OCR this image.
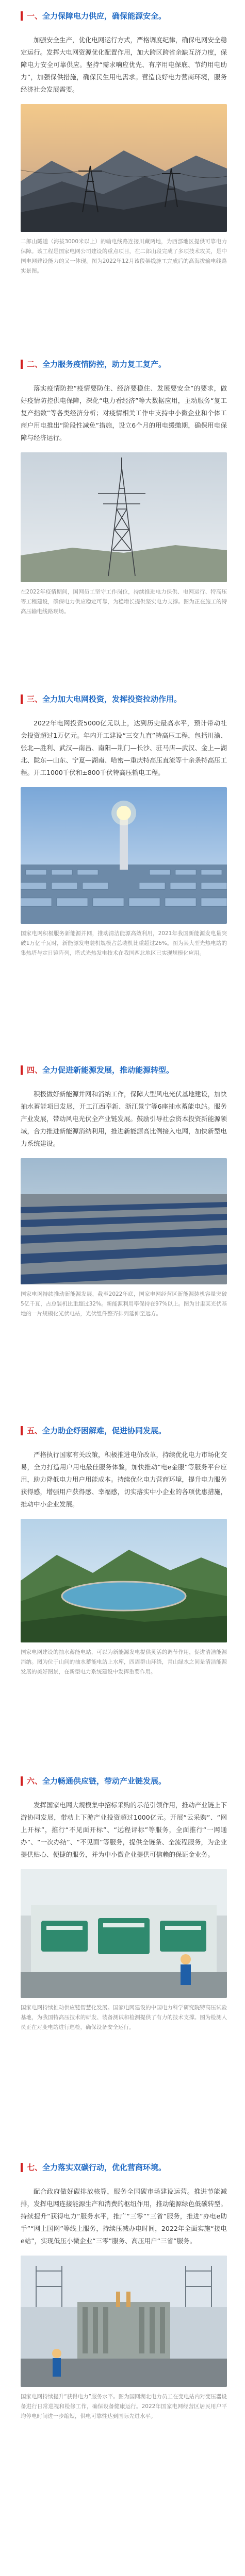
一、全力保障电力供应，确保能源安全。

加强安全生产，优化电网运行方式，严格调度纪律，确保电网安全稳定运行。发挥大电网资源优化配置作用，加大跨区跨省余缺互济力度，保障电力安全可靠供应。坚持“需求响应优先、有序用电保底、节约用电助力”，加强保供措施，确保民生用电需求。营造良好电力营商环境，服务经济社会发展需要。

二郎山隧道（海拔3000米以上）的输电线路连接川藏两地，为西部地区提供可靠电力保障。该工程是国家电网公司建设的重点项目，在二郎山段完成了多项技术攻关，是中国电网建设能力的又一体现。图为2022年12月该段架线施工完成后的高海拔输电线路实景图。

二、全力服务疫情防控，助力复工复产。

落实疫情防控“疫情要防住、经济要稳住、发展要安全”的要求，做好疫情防控供电保障，深化“电力看经济”等大数据应用，主动服务“复工复产指数”等各类经济分析；对疫情相关工作中支持中小微企业和个体工商户用电推出“阶段性减免”措施，设立6个月的用电缓缴期，确保用电保障与经济运行。

在2022年疫情期间，国网员工坚守工作岗位，持续推进电力保供、电网运行、特高压等工程建设，确保电力供应稳定可靠，为稳增长提供坚实电力支撑。图为正在施工的特高压输电线路现场。

三、全力加大电网投资，发挥投资拉动作用。

2022年电网投资5000亿元以上，达到历史最高水平，预计带动社会投资超过1万亿元。年内开工建设“三交九直”特高压工程，包括川渝、张北—胜利、武汉—南昌、南阳—荆门—长沙、驻马店—武汉、金上—湖北、陇东—山东、宁夏—湖南、哈密—重庆特高压直流等十余条特高压工程。开工1000千伏和±800千伏特高压输电工程。

国家电网积极服务新能源并网，推动清洁能源高效利用，2021年我国新能源发电量突破1万亿千瓦时，新能源发电装机规模占总装机比重超过26%。图为某大型光热电站的集热塔与定日镜阵列，塔式光热发电技术在我国西北地区已实现规模化应用。

四、全力促进新能源发展，推动能源转型。

积极做好新能源并网和消纳工作，保障大型风电光伏基地建设，加快抽水蓄能项目发展，开工江西奉新、浙江景宁等6座抽水蓄能电站。服务产业发展，带动风电光伏全产业链发展。鼓励引导社会资本投资新能源领域，合力推进新能源消纳利用，推进新能源高比例接入电网，加快新型电力系统建设。

国家电网持续推动新能源发展，截至2022年底，国家电网经营区新能源装机容量突破5亿千瓦，占总装机比重超过32%。新能源利用率保持在97%以上。图为甘肃某光伏基地的一片规模化光伏电站，光伏组件整齐排列延伸至远方。

五、全力助企纾困解难，促进协同发展。

严格执行国家有关政策，积极推进电价改革，持续优化电力市场化交易，全力打造用户用电最佳服务体验，加快推动“电e金服”等服务平台应用，助力降低电力用户用能成本。持续优化电力营商环境，提升电力服务获得感，增强用户获得感、幸福感，切实落实中小企业的各项优惠措施，推动中小企业发展。

国家电网建设的抽水蓄能电站，可以为新能源发电提供灵活的调节作用，促进清洁能源消纳。图为位于山间的抽水蓄能电站上水库，四周群山环绕，青山绿水之间是清洁能源发展的美好图景，在新型电力系统建设中发挥重要作用。

六、全力畅通供应链，带动产业链发展。

发挥国家电网大规模集中招标采购的示范引领作用，推动产业链上下游协同发展，带动上下游产业投资超过1000亿元。开展“云采购”、“网上开标”，推行“不见面开标”、“远程评标”等服务，全面推行“一网通办”、“一次办结”、“不见面”等服务，提供全链条、全流程服务，为企业提供贴心、便捷的服务，并为中小微企业提供可信赖的保证金业务。

国家电网持续推动供应链智慧化发展。国家电网建设的中国电力科学研究院特高压试验基地，为我国特高压技术的研发、装备测试和检测提供了有力的技术支撑。图为检测人员正在对变电站进行巡检，确保设备安全运行。

七、全力落实双碳行动，优化营商环境。

配合政府做好碳排放核算，服务全国碳市场建设运营。推进节能减排，发挥电网连接能源生产和消费的枢纽作用，推动能源绿色低碳转型。持续提升“获得电力”服务水平，推广“三零”“三省”服务，推进“办电e助手”“网上国网”等线上服务，持续压减办电时间，2022年全面实施“接电e站”，实现低压小微企业“三零”服务、高压用户“三省”服务。

国家电网持续提升“获得电力”服务水平。图为国网湖北电力员工在变电站内对变压器设备进行日常巡视和检修工作，确保设备健康运行。2022年国家电网经营区居民用户平均停电时间进一步缩短，供电可靠性达到国际先进水平。
